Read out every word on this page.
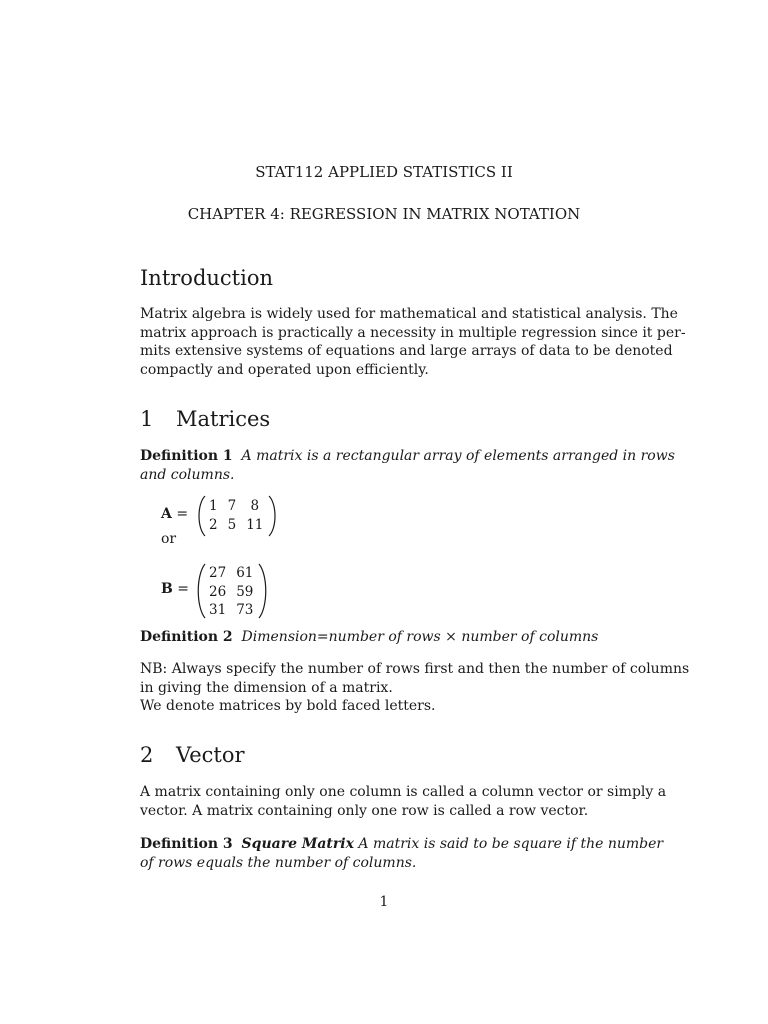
STAT112 APPLIED STATISTICS II
CHAPTER 4: REGRESSION IN MATRIX NOTATION
Introduction
Matrix algebra is widely used for mathematical and statistical analysis. The
matrix approach is practically a necessity in multiple regression since it per-
mits extensive systems of equations and large arrays of data to be denoted
compactly and operated upon efficiently.
1 Matrices
Definition 1 A matrix is a rectangular array of elements arranged in rows
and columns.
A = 1	7	8
2	5	11
or
B =
27	61
26	59
31	73
Definition 2 Dimension=number of rows × number of columns
NB: Always specify the number of rows first and then the number of columns
in giving the dimension of a matrix.
We denote matrices by bold faced letters.
2 Vector
A matrix containing only one column is called a column vector or simply a
vector. A matrix containing only one row is called a row vector.
Definition 3 Square Matrix A matrix is said to be square if the number
of rows equals the number of columns.
1
